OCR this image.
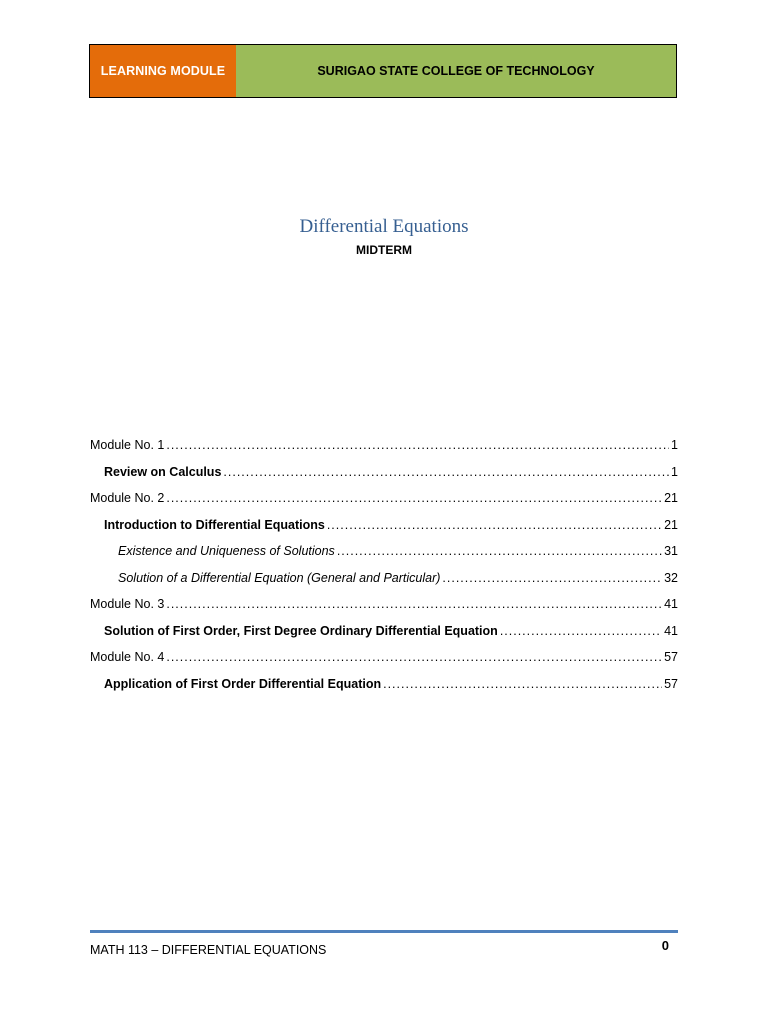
LEARNING MODULE	SURIGAO STATE COLLEGE OF TECHNOLOGY
Differential Equations
MIDTERM
Module No. 1 .....	1
Review on Calculus .....	1
Module No. 2 .....	21
Introduction to Differential Equations .....	21
Existence and Uniqueness of Solutions .....	31
Solution of a Differential Equation (General and Particular) .....	32
Module No. 3 .....	41
Solution of First Order, First Degree Ordinary Differential Equation .....	41
Module No. 4 .....	57
Application of First Order Differential Equation .....	57
MATH 113 – DIFFERENTIAL EQUATIONS	0
